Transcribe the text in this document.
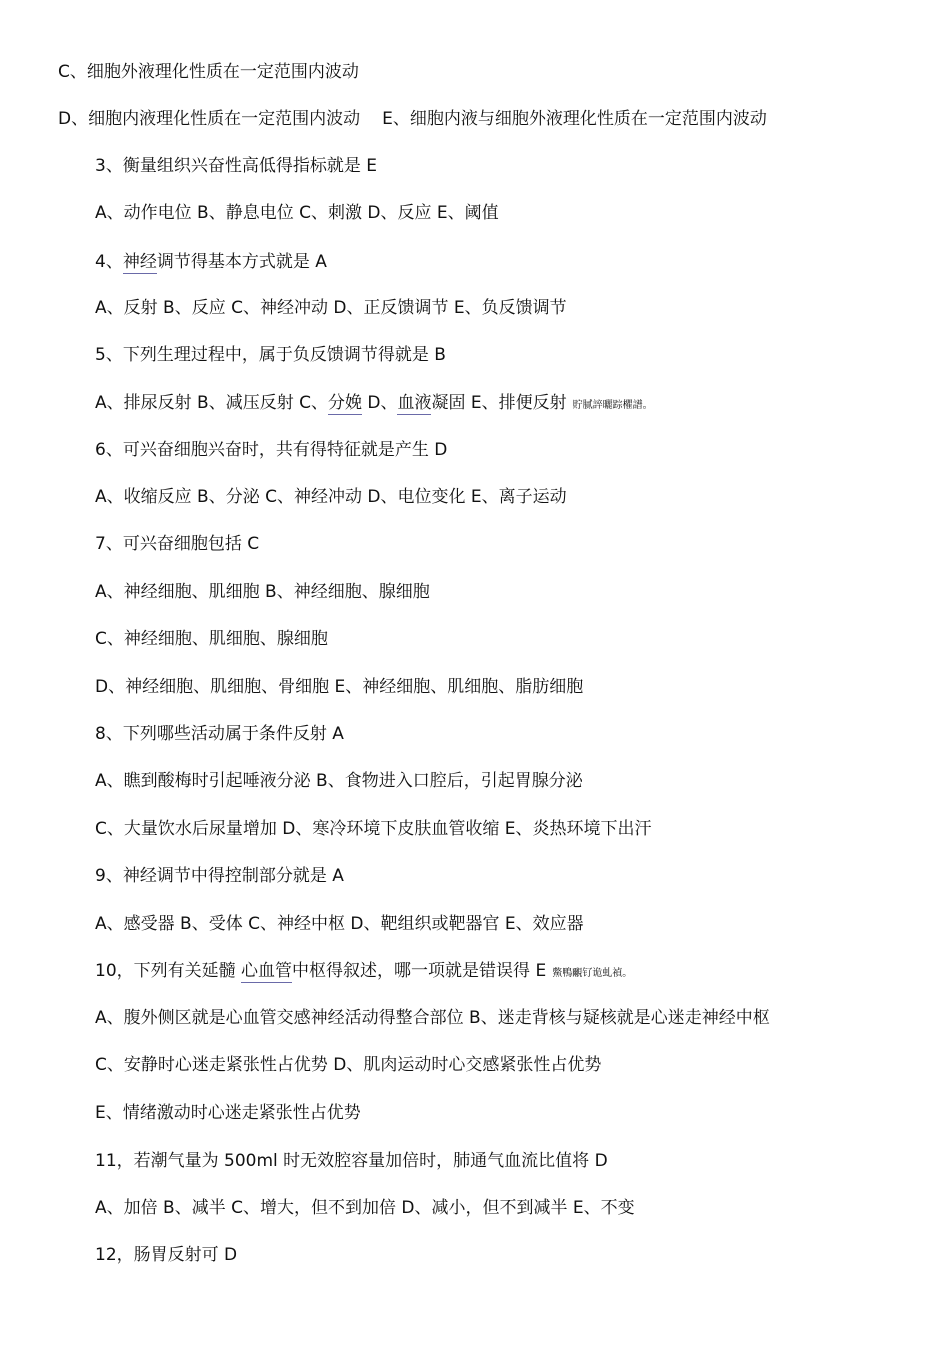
C、细胞外液理化性质在一定范围内波动
D、细胞内液理化性质在一定范围内波动 E、细胞内液与细胞外液理化性质在一定范围内波动
3、衡量组织兴奋性高低得指标就是 E
A、动作电位 B、静息电位 C、刺激 D、反应 E、阈值
4、神经调节得基本方式就是 A
A、反射 B、反应 C、神经冲动 D、正反馈调节 E、负反馈调节
5、下列生理过程中，属于负反馈调节得就是 B
A、排尿反射 B、减压反射 C、分娩 D、血液凝固 E、排便反射 貯膩誶曬踪欋譜。
6、可兴奋细胞兴奋时，共有得特征就是产生 D
A、收缩反应 B、分泌 C、神经冲动 D、电位变化 E、离子运动
7、可兴奋细胞包括 C
A、神经细胞、肌细胞 B、神经细胞、腺细胞
C、神经细胞、肌细胞、腺细胞
D、神经细胞、肌细胞、骨细胞 E、神经细胞、肌细胞、脂肪细胞
8、下列哪些活动属于条件反射 A
A、瞧到酸梅时引起唾液分泌 B、食物进入口腔后，引起胃腺分泌
C、大量饮水后尿量增加 D、寒冷环境下皮肤血管收缩 E、炎热环境下出汗
9、神经调节中得控制部分就是 A
A、感受器 B、受体 C、神经中枢 D、靶组织或靶器官 E、效应器
10，下列有关延髓 心血管中枢得叙述，哪一项就是错误得 E 鱉鴨覼钌诡虬禎。
A、腹外侧区就是心血管交感神经活动得整合部位 B、迷走背核与疑核就是心迷走神经中枢
C、安静时心迷走紧张性占优势 D、肌肉运动时心交感紧张性占优势
E、情绪激动时心迷走紧张性占优势
11，若潮气量为 500ml 时无效腔容量加倍时，肺通气血流比值将 D
A、加倍 B、减半 C、增大，但不到加倍 D、减小，但不到减半 E、不变
12，肠胃反射可 D
